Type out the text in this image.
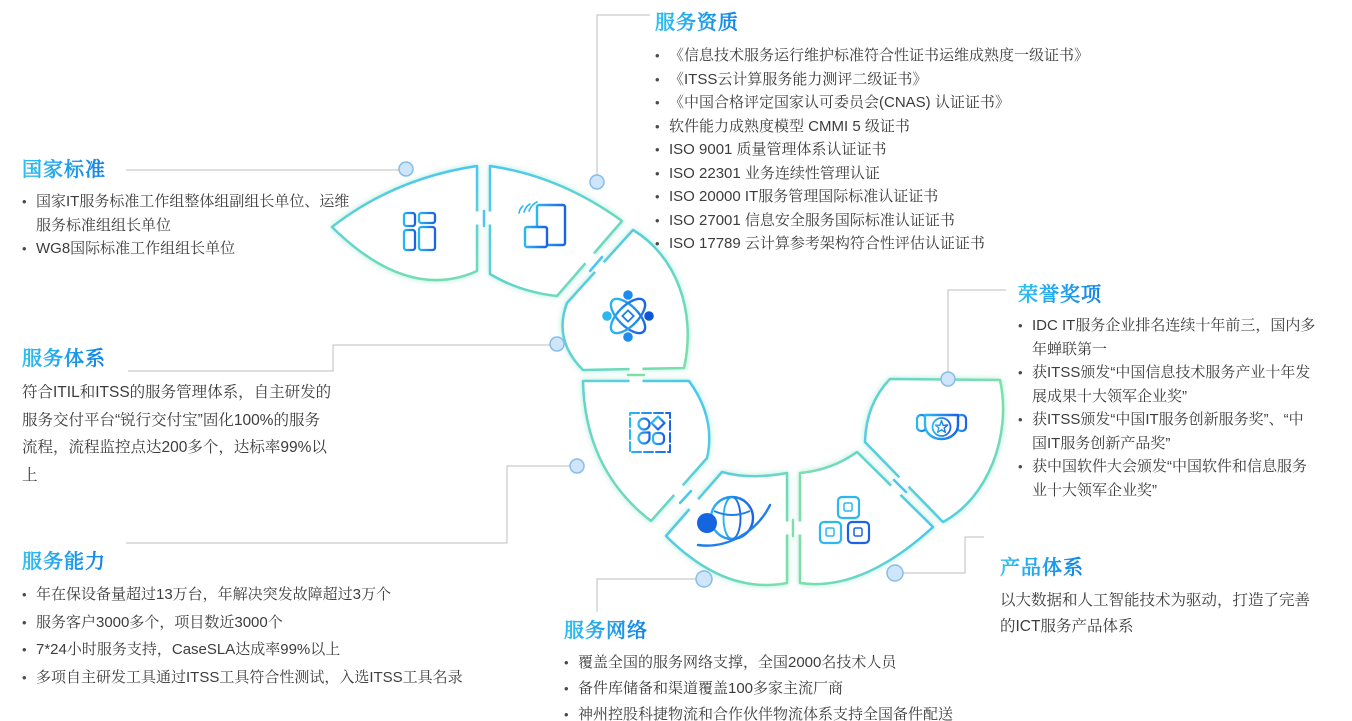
国家标准
• 国家IT服务标准工作组整体组副组长单位、运维服务标准组组长单位
• WG8国际标准工作组组长单位
服务资质
• 《信息技术服务运行维护标准符合性证书运维成熟度一级证书》
• 《ITSS云计算服务能力测评二级证书》
• 《中国合格评定国家认可委员会(CNAS) 认证证书》
• 软件能力成熟度模型 CMMI 5 级证书
• ISO 9001 质量管理体系认证证书
• ISO 22301 业务连续性管理认证
• ISO 20000 IT服务管理国际标准认证证书
• ISO 27001 信息安全服务国际标准认证证书
• ISO 17789 云计算参考架构符合性评估认证证书
服务体系

符合ITIL和ITSS的服务管理体系，自主研发的服务交付平台“锐行交付宝”固化100%的服务流程，流程监控点达200多个，达标率99%以上

服务能力
• 年在保设备量超过13万台，年解决突发故障超过3万个
• 服务客户3000多个，项目数近3000个
• 7*24小时服务支持，CaseSLA达成率99%以上
• 多项自主研发工具通过ITSS工具符合性测试，入选ITSS工具名录
服务网络
• 覆盖全国的服务网络支撑，全国2000名技术人员
• 备件库储备和渠道覆盖100多家主流厂商
• 神州控股科捷物流和合作伙伴物流体系支持全国备件配送
荣誉奖项
• IDC IT服务企业排名连续十年前三，国内多年蝉联第一
• 获ITSS颁发“中国信息技术服务产业十年发展成果十大领军企业奖”
• 获ITSS颁发“中国IT服务创新服务奖”、“中国IT服务创新产品奖”
• 获中国软件大会颁发“中国软件和信息服务业十大领军企业奖”
产品体系

以大数据和人工智能技术为驱动，打造了完善的ICT服务产品体系
